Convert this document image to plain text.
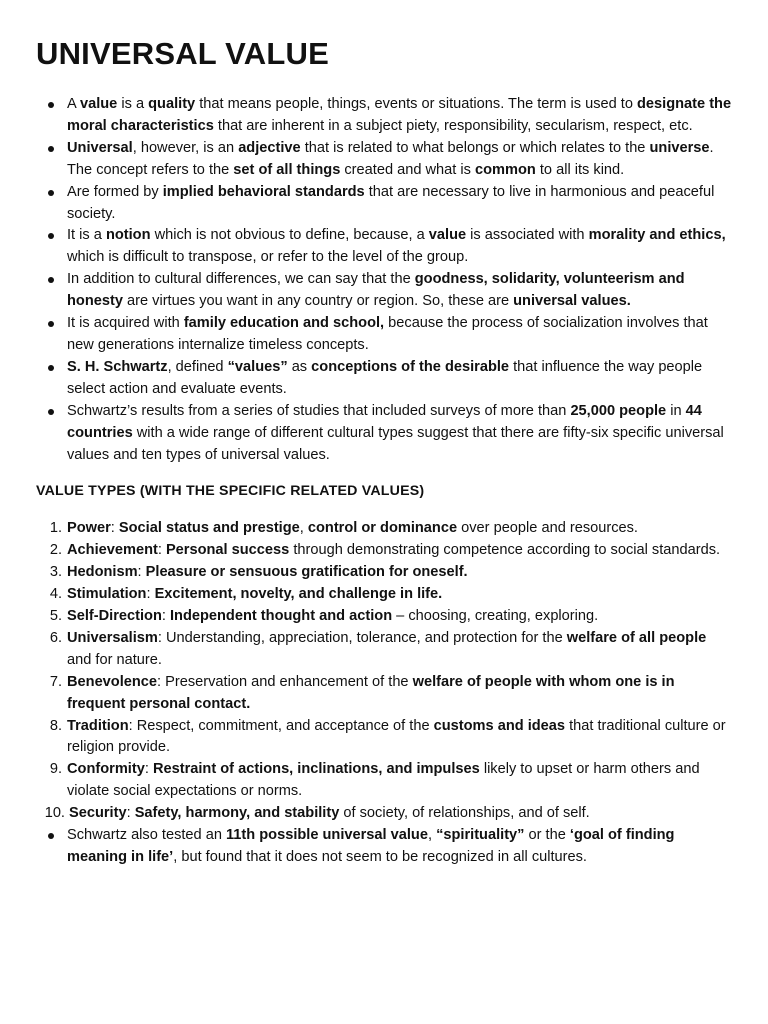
UNIVERSAL VALUE
A value is a quality that means people, things, events or situations. The term is used to designate the moral characteristics that are inherent in a subject piety, responsibility, secularism, respect, etc.
Universal, however, is an adjective that is related to what belongs or which relates to the universe. The concept refers to the set of all things created and what is common to all its kind.
Are formed by implied behavioral standards that are necessary to live in harmonious and peaceful society.
It is a notion which is not obvious to define, because, a value is associated with morality and ethics, which is difficult to transpose, or refer to the level of the group.
In addition to cultural differences, we can say that the goodness, solidarity, volunteerism and honesty are virtues you want in any country or region. So, these are universal values.
It is acquired with family education and school, because the process of socialization involves that new generations internalize timeless concepts.
S. H. Schwartz, defined “values” as conceptions of the desirable that influence the way people select action and evaluate events.
Schwartz’s results from a series of studies that included surveys of more than 25,000 people in 44 countries with a wide range of different cultural types suggest that there are fifty-six specific universal values and ten types of universal values.
VALUE TYPES (WITH THE SPECIFIC RELATED VALUES)
1. Power: Social status and prestige, control or dominance over people and resources.
2. Achievement: Personal success through demonstrating competence according to social standards.
3. Hedonism: Pleasure or sensuous gratification for oneself.
4. Stimulation: Excitement, novelty, and challenge in life.
5. Self-Direction: Independent thought and action – choosing, creating, exploring.
6. Universalism: Understanding, appreciation, tolerance, and protection for the welfare of all people and for nature.
7. Benevolence: Preservation and enhancement of the welfare of people with whom one is in frequent personal contact.
8. Tradition: Respect, commitment, and acceptance of the customs and ideas that traditional culture or religion provide.
9. Conformity: Restraint of actions, inclinations, and impulses likely to upset or harm others and violate social expectations or norms.
10. Security: Safety, harmony, and stability of society, of relationships, and of self.
Schwartz also tested an 11th possible universal value, “spirituality” or the ‘goal of finding meaning in life’, but found that it does not seem to be recognized in all cultures.
